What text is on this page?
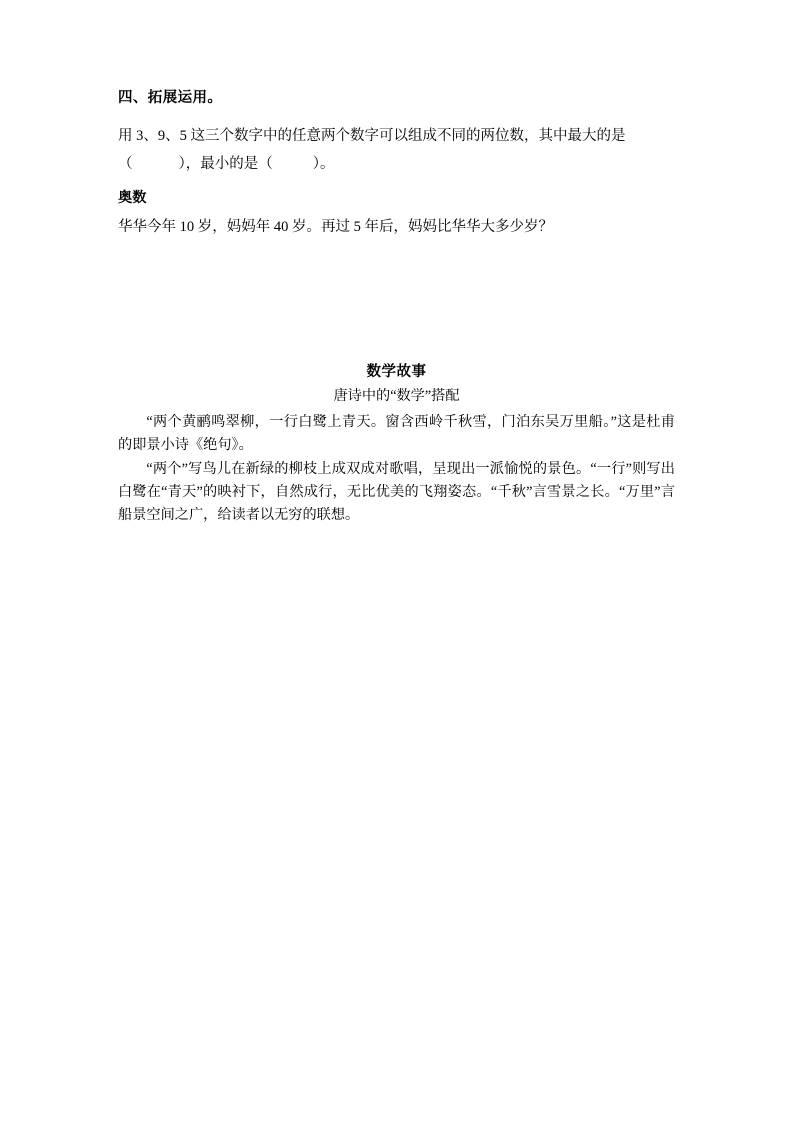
四、拓展运用。

用 3、9、5 这三个数字中的任意两个数字可以组成不同的两位数，其中最大的是

（	），最小的是（	）。

奥数

华华今年 10 岁，妈妈年 40 岁。再过 5 年后，妈妈比华华大多少岁？

数学故事
唐诗中的“数学”搭配

“两个黄鹂鸣翠柳，一行白鹭上青天。窗含西岭千秋雪，门泊东吴万里船。”这是杜甫的即景小诗《绝句》。

“两个”写鸟儿在新绿的柳枝上成双成对歌唱，呈现出一派愉悦的景色。“一行”则写出白鹭在“青天”的映衬下，自然成行，无比优美的飞翔姿态。“千秋”言雪景之长。“万里”言船景空间之广，给读者以无穷的联想。
